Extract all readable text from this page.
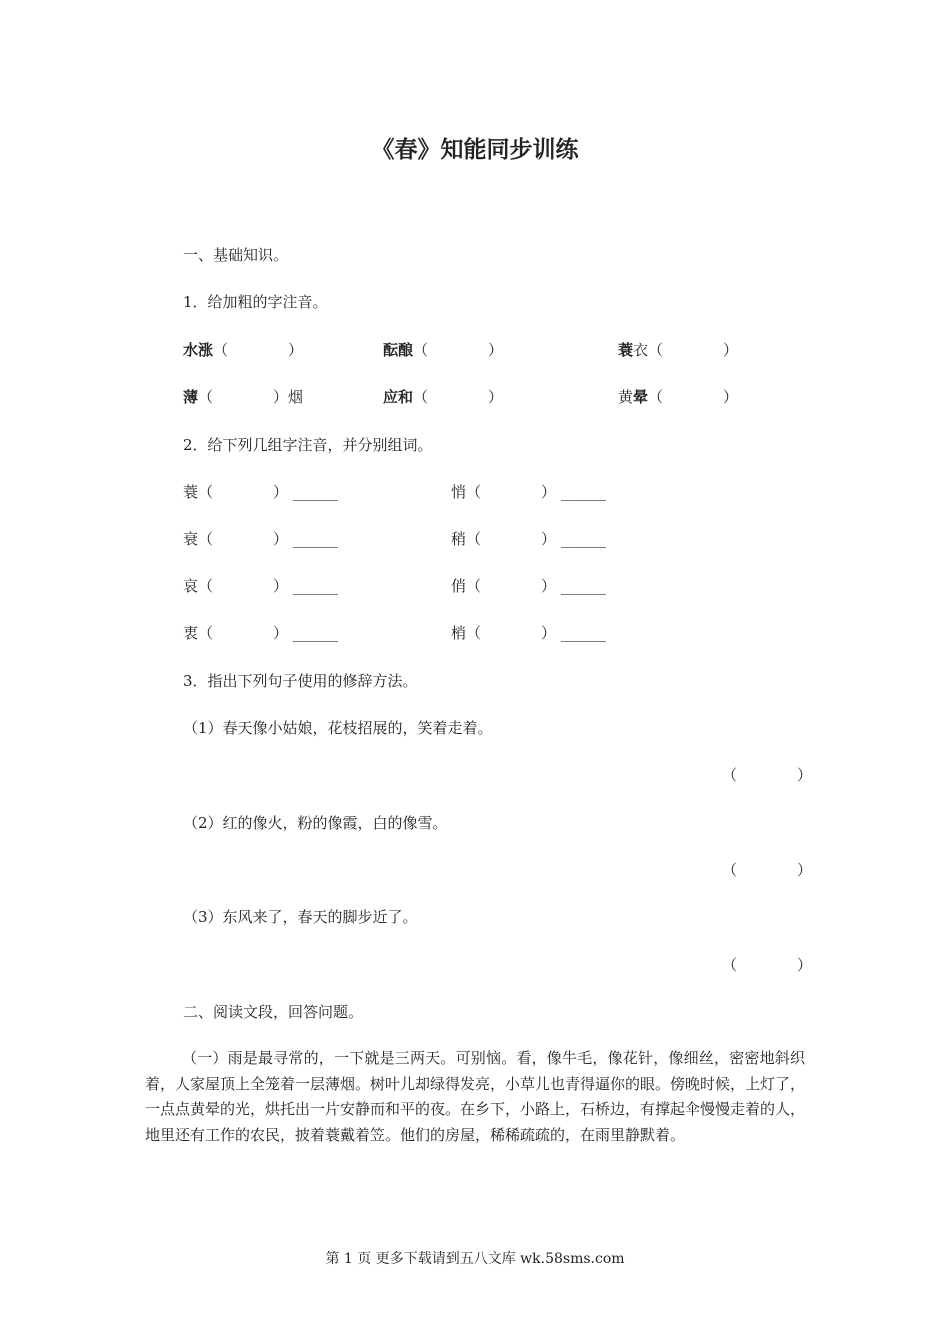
《春》知能同步训练
一、基础知识。
1．给加粗的字注音。
水涨（　　　　）	酝酿（　　　　）	蓑衣（　　　　）
薄（　　　　）烟	应和（　　　　）	黄晕（　　　　）
2．给下列几组字注音，并分别组词。
蓑（　　　　） ______	悄（　　　　） ______
衰（　　　　） ______	稍（　　　　） ______
哀（　　　　） ______	俏（　　　　） ______
衷（　　　　） ______	梢（　　　　） ______
3．指出下列句子使用的修辞方法。
（1）春天像小姑娘，花枝招展的，笑着走着。
（　　　　）
（2）红的像火，粉的像霞，白的像雪。
（　　　　）
（3）东风来了，春天的脚步近了。
（　　　　）
二、阅读文段，回答问题。
（一）雨是最寻常的，一下就是三两天。可别恼。看，像牛毛，像花针，像细丝，密密地斜织着，人家屋顶上全笼着一层薄烟。树叶儿却绿得发亮，小草儿也青得逼你的眼。傍晚时候，上灯了，一点点黄晕的光，烘托出一片安静而和平的夜。在乡下，小路上，石桥边，有撑起伞慢慢走着的人，地里还有工作的农民，披着蓑戴着笠。他们的房屋，稀稀疏疏的，在雨里静默着。
第 1 页 更多下载请到五八文库 wk.58sms.com
